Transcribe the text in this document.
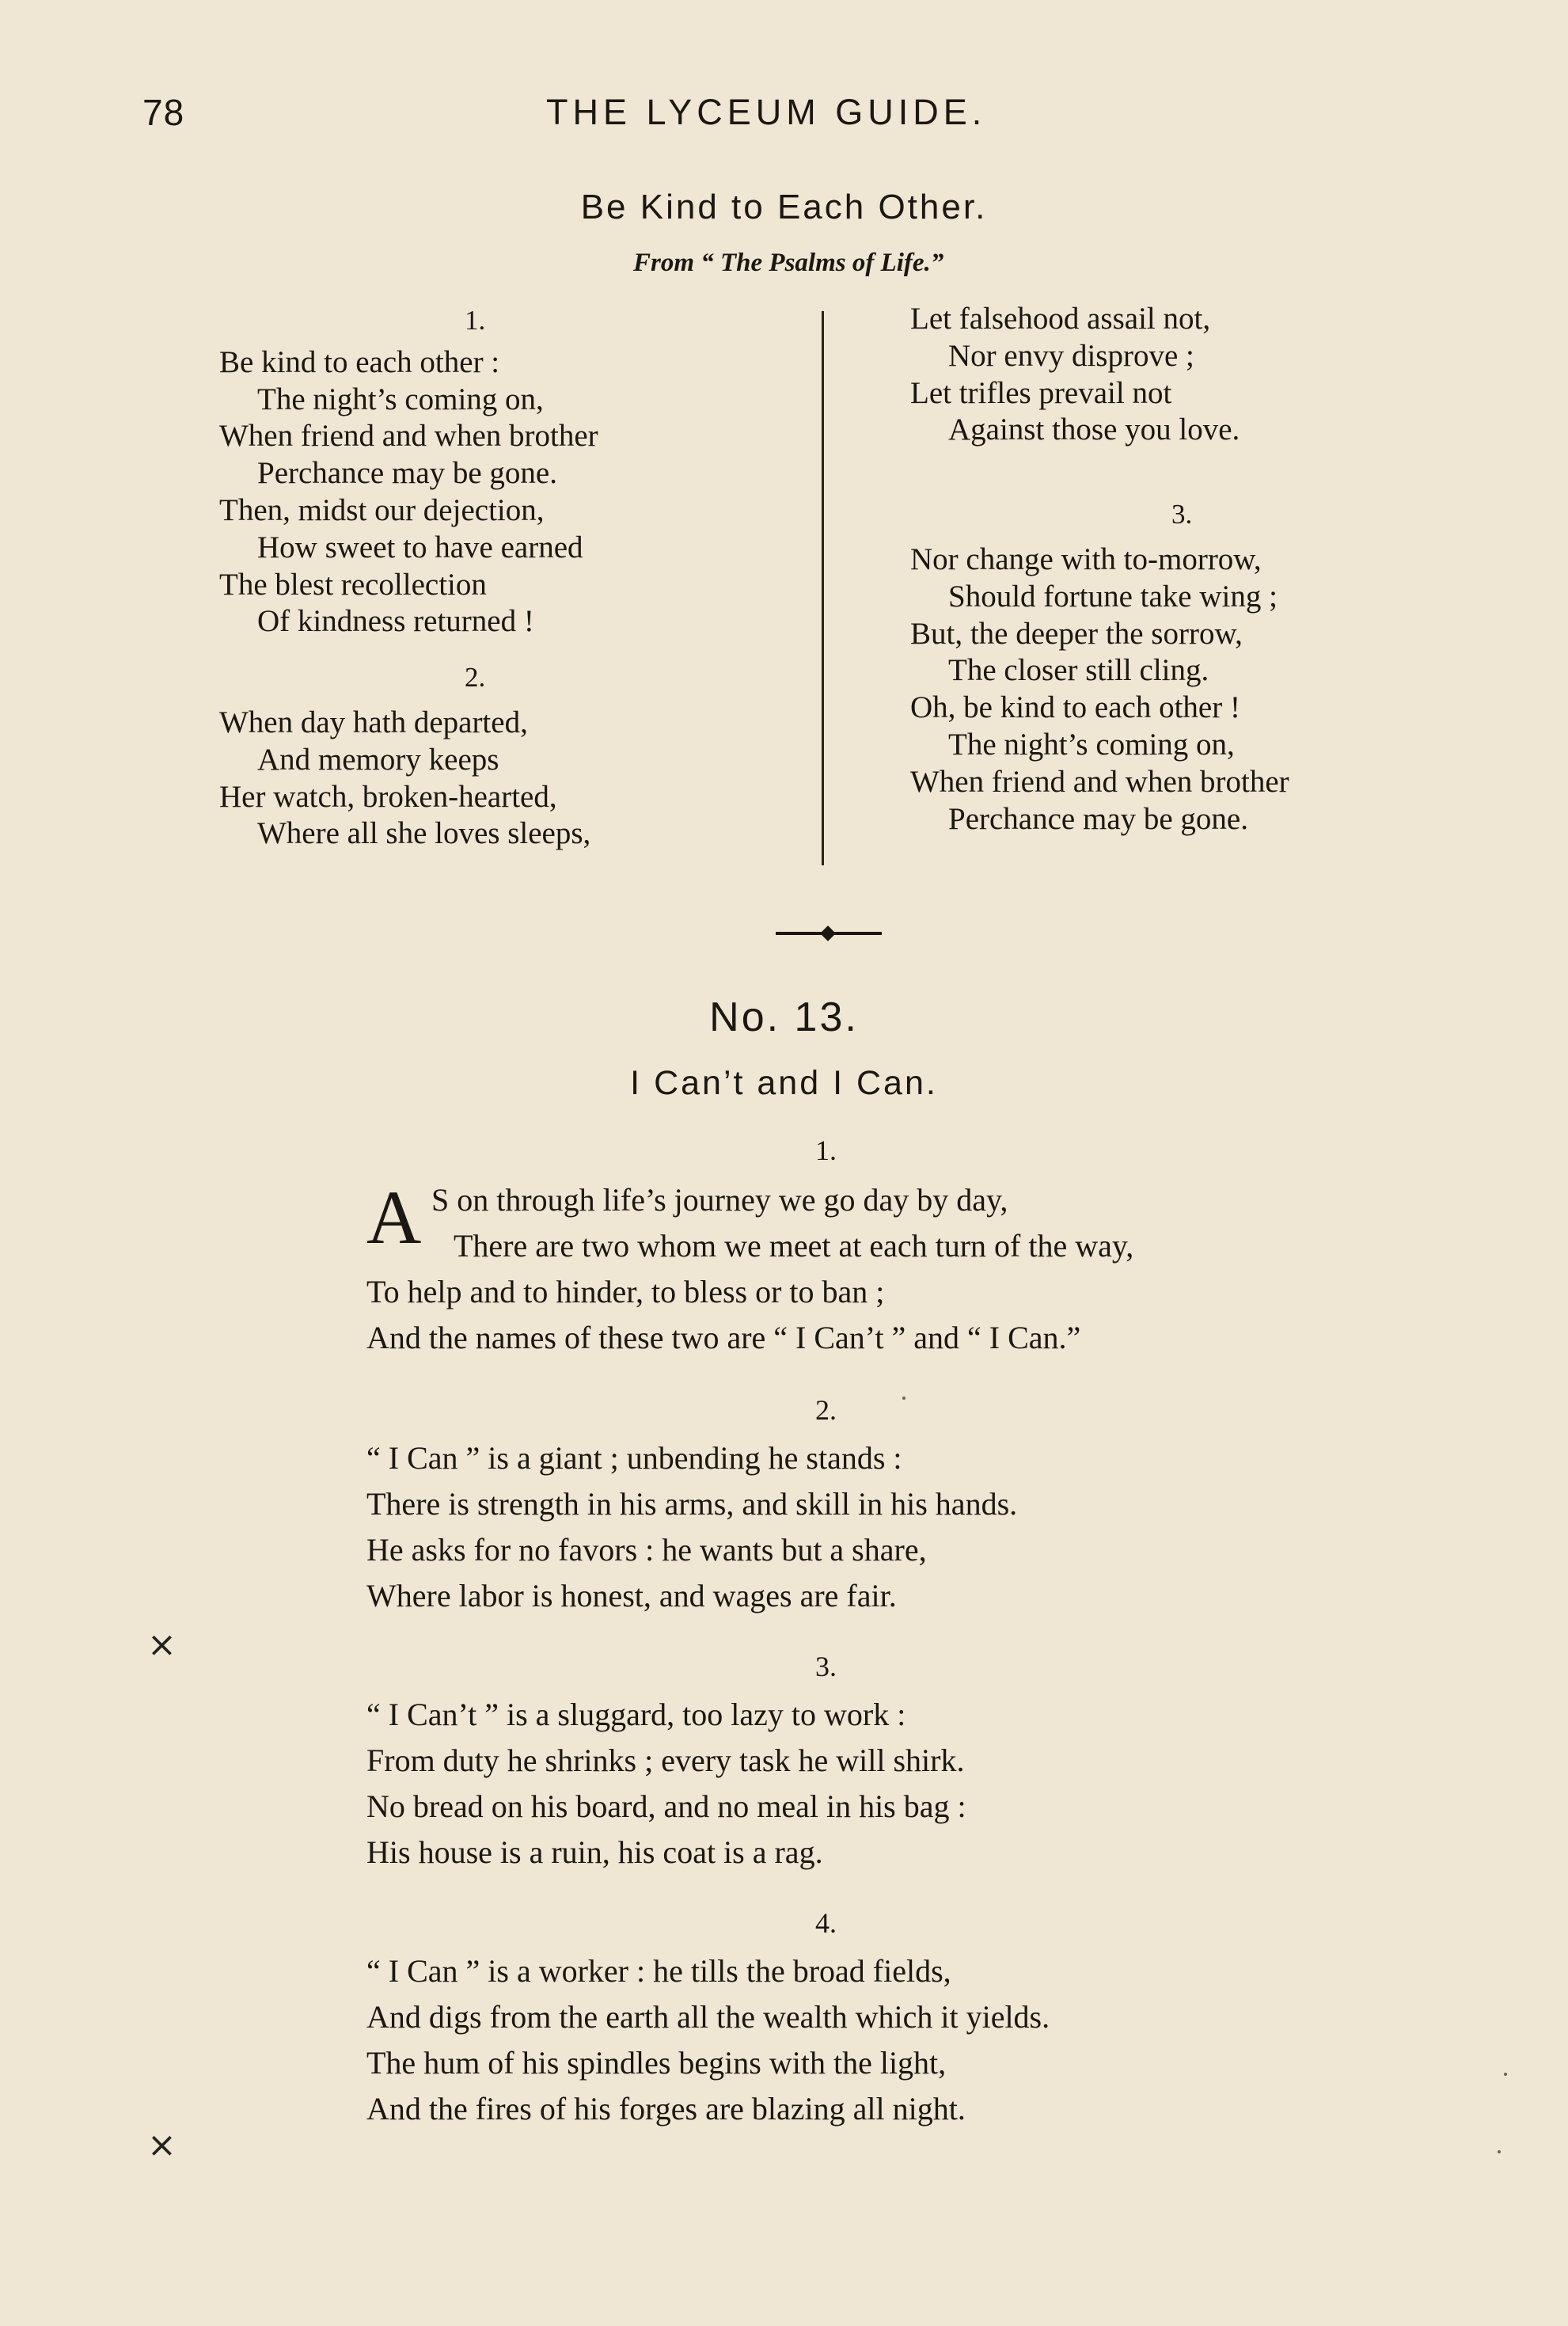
78	THE LYCEUM GUIDE.
Be Kind to Each Other.
From “ The Psalms of Life.”
1.
Be kind to each other :
The night’s coming on,
When friend and when brother
Perchance may be gone.
Then, midst our dejection,
How sweet to have earned
The blest recollection
Of kindness returned !
2.
When day hath departed,
And memory keeps
Her watch, broken-hearted,
Where all she loves sleeps,
Let falsehood assail not,
Nor envy disprove ;
Let trifles prevail not
Against those you love.
3.
Nor change with to-morrow,
Should fortune take wing ;
But, the deeper the sorrow,
The closer still cling.
Oh, be kind to each other !
The night’s coming on,
When friend and when brother
Perchance may be gone.
No. 13.
I Can’t and I Can.
1.
A S on through life’s journey we go day by day,
There are two whom we meet at each turn of the way,
To help and to hinder, to bless or to ban ;
And the names of these two are “ I Can’t ” and “ I Can.”
2.
“ I Can ” is a giant ; unbending he stands :
There is strength in his arms, and skill in his hands.
He asks for no favors : he wants but a share,
Where labor is honest, and wages are fair.
3.
“ I Can’t ” is a sluggard, too lazy to work :
From duty he shrinks ; every task he will shirk.
No bread on his board, and no meal in his bag :
His house is a ruin, his coat is a rag.
4.
“ I Can ” is a worker : he tills the broad fields,
And digs from the earth all the wealth which it yields.
The hum of his spindles begins with the light,
And the fires of his forges are blazing all night.
×
×
